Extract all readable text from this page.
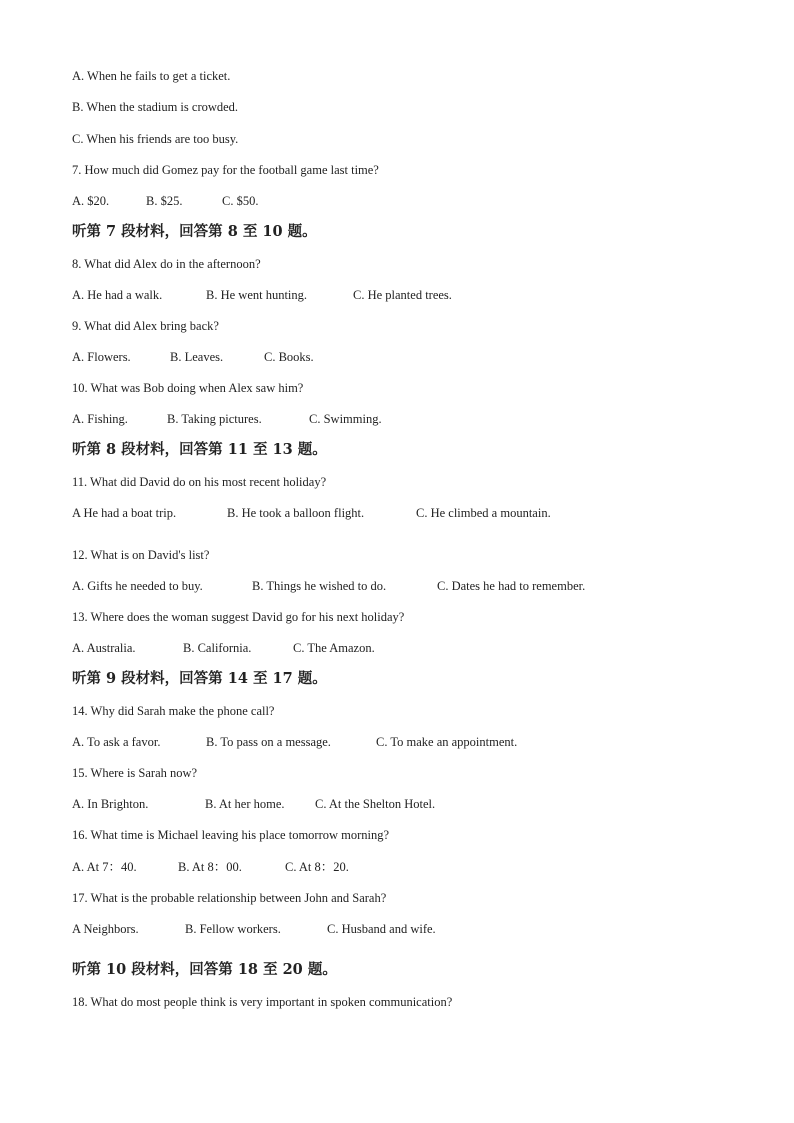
A. When he fails to get a ticket.
B. When the stadium is crowded.
C. When his friends are too busy.
7. How much did Gomez pay for the football game last time?
A. $20.	B. $25.	C. $50.
听第 7 段材料，回答第 8 至 10 题。
8. What did Alex do in the afternoon?
A. He had a walk.	B. He went hunting.	C. He planted trees.
9. What did Alex bring back?
A. Flowers.	B. Leaves.	C. Books.
10. What was Bob doing when Alex saw him?
A. Fishing.	B. Taking pictures.	C. Swimming.
听第 8 段材料，回答第 11 至 13 题。
11. What did David do on his most recent holiday?
A He had a boat trip.	B. He took a balloon flight.	C. He climbed a mountain.
12. What is on David's list?
A. Gifts he needed to buy.	B. Things he wished to do.	C. Dates he had to remember.
13. Where does the woman suggest David go for his next holiday?
A. Australia.	B. California.	C. The Amazon.
听第 9 段材料，回答第 14 至 17 题。
14. Why did Sarah make the phone call?
A. To ask a favor.	B. To pass on a message.	C. To make an appointment.
15. Where is Sarah now?
A. In Brighton.	B. At her home. C. At the Shelton Hotel.
16. What time is Michael leaving his place tomorrow morning?
A. At 7：40.	B. At 8：00.	C. At 8：20.
17. What is the probable relationship between John and Sarah?
A Neighbors.	B. Fellow workers.	C. Husband and wife.
听第 10 段材料，回答第 18 至 20 题。
18. What do most people think is very important in spoken communication?
